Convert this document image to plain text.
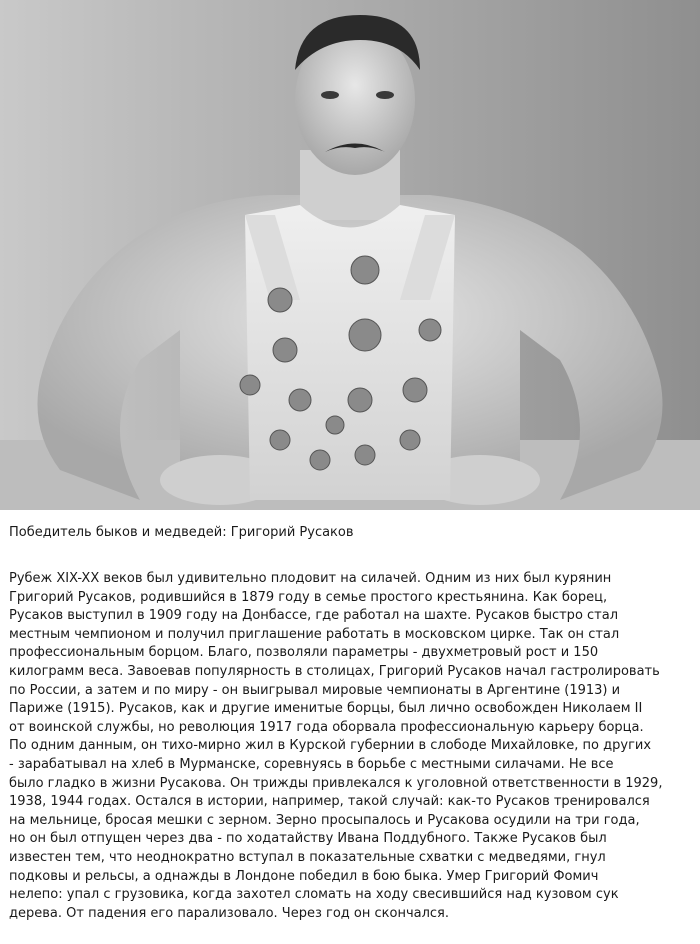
Победитель быков и медведей: Григорий Русаков
Рубеж XIX-XX веков был удивительно плодовит на силачей. Одним из них был курянин
Григорий Русаков, родившийся в 1879 году в семье простого крестьянина. Как борец,
Русаков выступил в 1909 году на Донбассе, где работал на шахте. Русаков быстро стал
местным чемпионом и получил приглашение работать в московском цирке. Так он стал
профессиональным борцом. Благо, позволяли параметры - двухметровый рост и 150
килограмм веса. Завоевав популярность в столицах, Григорий Русаков начал гастролировать
по России, а затем и по миру - он выигрывал мировые чемпионаты в Аргентине (1913) и
Париже (1915). Русаков, как и другие именитые борцы, был лично освобожден Николаем II
от воинской службы, но революция 1917 года оборвала профессиональную карьеру борца.
По одним данным, он тихо-мирно жил в Курской губернии в слободе Михайловке, по других
- зарабатывал на хлеб в Мурманске, соревнуясь в борьбе с местными силачами. Не все
было гладко в жизни Русакова. Он трижды привлекался к уголовной ответственности в 1929,
1938, 1944 годах. Остался в истории, например, такой случай: как-то Русаков тренировался
на мельнице, бросая мешки с зерном. Зерно просыпалось и Русакова осудили на три года,
но он был отпущен через два - по ходатайству Ивана Поддубного. Также Русаков был
известен тем, что неоднократно вступал в показательные схватки с медведями, гнул
подковы и рельсы, а однажды в Лондоне победил в бою быка. Умер Григорий Фомич
нелепо: упал с грузовика, когда захотел сломать на ходу свесившийся над кузовом сук
дерева. От падения его парализовало. Через год он скончался.
